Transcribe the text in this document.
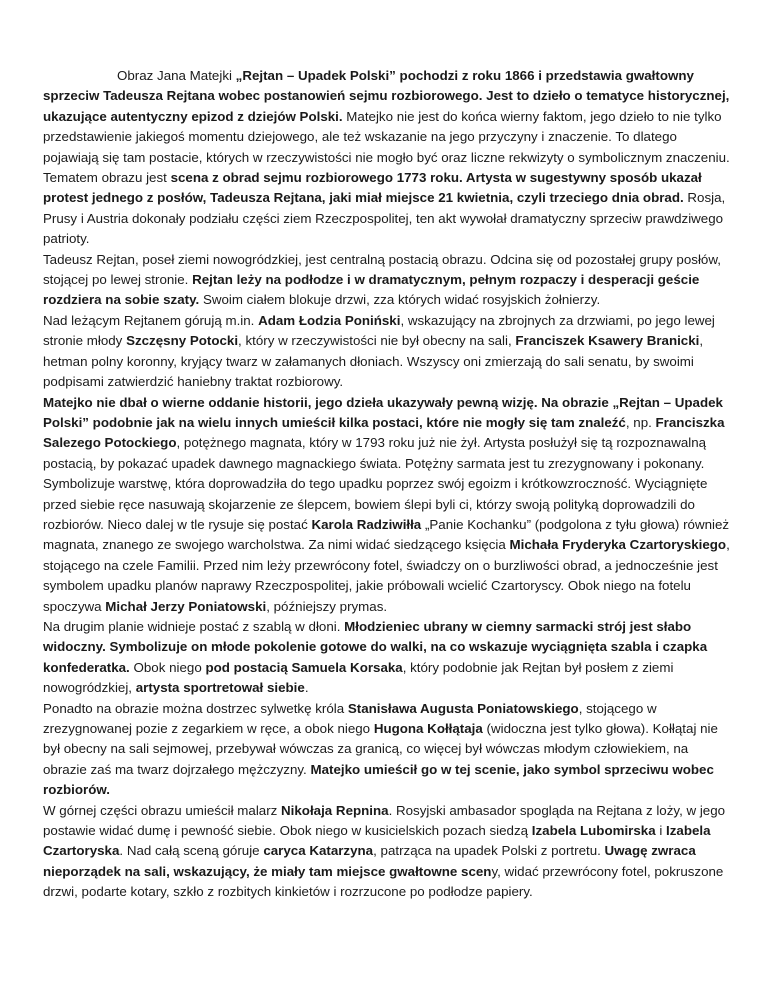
Obraz Jana Matejki „Rejtan – Upadek Polski” pochodzi z roku 1866 i przedstawia gwałtowny sprzeciw Tadeusza Rejtana wobec postanowień sejmu rozbiorowego. Jest to dzieło o tematyce historycznej, ukazujące autentyczny epizod z dziejów Polski. Matejko nie jest do końca wierny faktom, jego dzieło to nie tylko przedstawienie jakiegoś momentu dziejowego, ale też wskazanie na jego przyczyny i znaczenie. To dlatego pojawiają się tam postacie, których w rzeczywistości nie mogło być oraz liczne rekwizyty o symbolicznym znaczeniu. Tematem obrazu jest scena z obrad sejmu rozbiorowego 1773 roku. Artysta w sugestywny sposób ukazał protest jednego z posłów, Tadeusza Rejtana, jaki miał miejsce 21 kwietnia, czyli trzeciego dnia obrad. Rosja, Prusy i Austria dokonały podziału części ziem Rzeczpospolitej, ten akt wywołał dramatyczny sprzeciw prawdziwego patrioty.

Tadeusz Rejtan, poseł ziemi nowogródzkiej, jest centralną postacią obrazu. Odcina się od pozostałej grupy posłów, stojącej po lewej stronie. Rejtan leży na podłodze i w dramatycznym, pełnym rozpaczy i desperacji geście rozdziera na sobie szaty. Swoim ciałem blokuje drzwi, zza których widać rosyjskich żołnierzy.

Nad leżącym Rejtanem górują m.in. Adam Łodzia Poniński, wskazujący na zbrojnych za drzwiami, po jego lewej stronie młody Szczęsny Potocki, który w rzeczywistości nie był obecny na sali, Franciszek Ksawery Branicki, hetman polny koronny, kryjący twarz w załamanych dłoniach. Wszyscy oni zmierzają do sali senatu, by swoimi podpisami zatwierdzić haniebny traktat rozbiorowy.

Matejko nie dbał o wierne oddanie historii, jego dzieła ukazywały pewną wizję. Na obrazie „Rejtan – Upadek Polski” podobnie jak na wielu innych umieścił kilka postaci, które nie mogły się tam znaleźć, np. Franciszka Salezego Potockiego, potężnego magnata, który w 1793 roku już nie żył. Artysta posłużył się tą rozpoznawalną postacią, by pokazać upadek dawnego magnackiego świata. Potężny sarmata jest tu zrezygnowany i pokonany. Symbolizuje warstwę, która doprowadziła do tego upadku poprzez swój egoizm i krótkowzroczność. Wyciągnięte przed siebie ręce nasuwają skojarzenie ze ślepcem, bowiem ślepi byli ci, którzy swoją polityką doprowadzili do rozbiorów. Nieco dalej w tle rysuje się postać Karola Radziwiłła „Panie Kochanku” (podgolona z tyłu głowa) również magnata, znanego ze swojego warcholstwa. Za nimi widać siedzącego księcia Michała Fryderyka Czartoryskiego, stojącego na czele Familii. Przed nim leży przewrócony fotel, świadczy on o burzliwości obrad, a jednocześnie jest symbolem upadku planów naprawy Rzeczpospolitej, jakie próbowali wcielić Czartoryscy. Obok niego na fotelu spoczywa Michał Jerzy Poniatowski, późniejszy prymas.

Na drugim planie widnieje postać z szablą w dłoni. Młodzieniec ubrany w ciemny sarmacki strój jest słabo widoczny. Symbolizuje on młode pokolenie gotowe do walki, na co wskazuje wyciągnięta szabla i czapka konfederatka. Obok niego pod postacią Samuela Korsaka, który podobnie jak Rejtan był posłem z ziemi nowogródzkiej, artysta sportretował siebie.

Ponadto na obrazie można dostrzec sylwetkę króla Stanisława Augusta Poniatowskiego, stojącego w zrezygnowanej pozie z zegarkiem w ręce, a obok niego Hugona Kołłątaja (widoczna jest tylko głowa). Kołłątaj nie był obecny na sali sejmowej, przebywał wówczas za granicą, co więcej był wówczas młodym człowiekiem, na obrazie zaś ma twarz dojrzałego mężczyzny. Matejko umieścił go w tej scenie, jako symbol sprzeciwu wobec rozbiorów.

W górnej części obrazu umieścił malarz Nikołaja Repnina. Rosyjski ambasador spogląda na Rejtana z loży, w jego postawie widać dumę i pewność siebie. Obok niego w kusicielskich pozach siedzą Izabela Lubomirska i Izabela Czartoryska. Nad całą sceną góruje caryca Katarzyna, patrząca na upadek Polski z portretu. Uwagę zwraca nieporządek na sali, wskazujący, że miały tam miejsce gwałtowne sceny, widać przewrócony fotel, pokruszone drzwi, podarte kotary, szkło z rozbitych kinkietów i rozrzucone po podłodze papiery.
